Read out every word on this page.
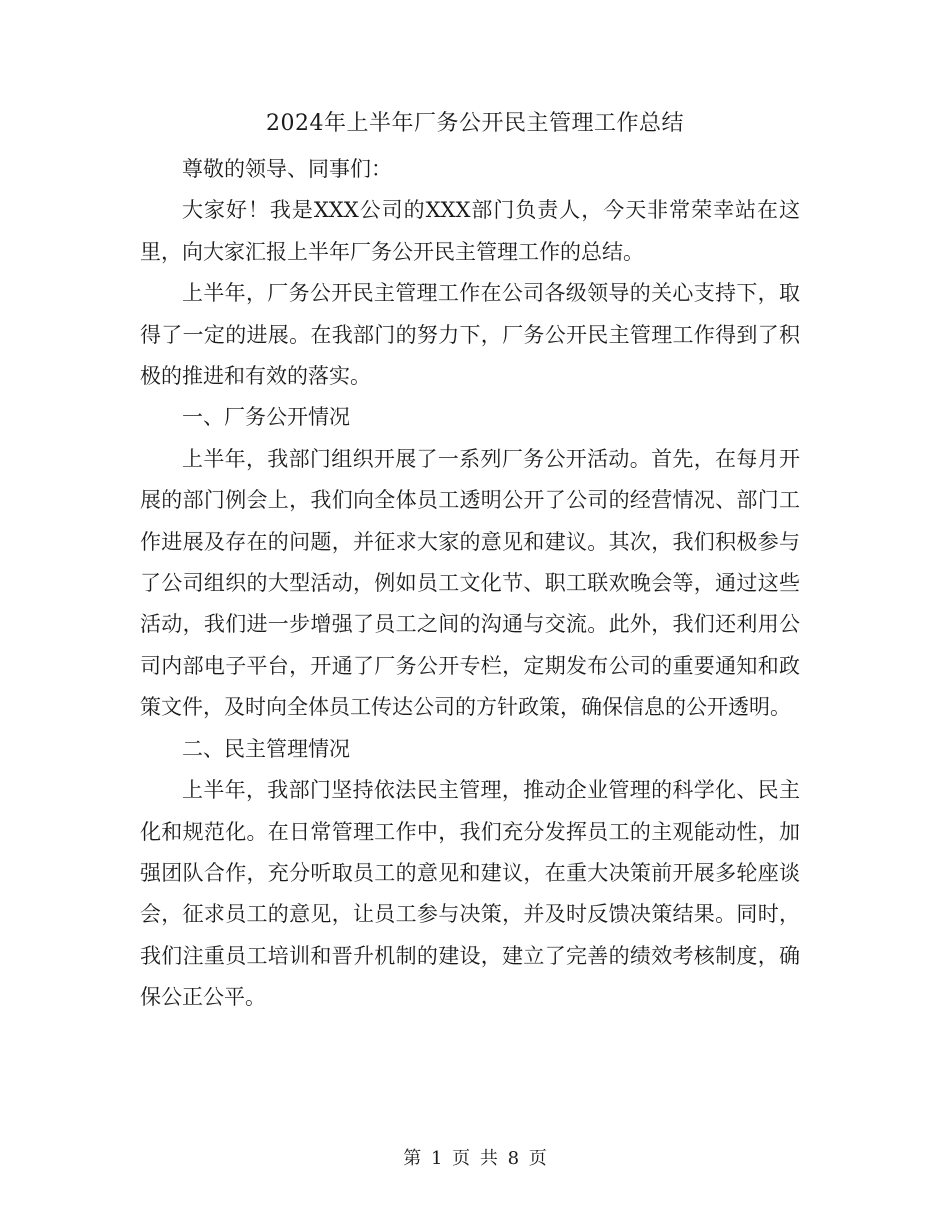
2024年上半年厂务公开民主管理工作总结

尊敬的领导、同事们：

大家好！我是XXX公司的XXX部门负责人，今天非常荣幸站在这里，向大家汇报上半年厂务公开民主管理工作的总结。

上半年，厂务公开民主管理工作在公司各级领导的关心支持下，取得了一定的进展。在我部门的努力下，厂务公开民主管理工作得到了积极的推进和有效的落实。

一、厂务公开情况

上半年，我部门组织开展了一系列厂务公开活动。首先，在每月开展的部门例会上，我们向全体员工透明公开了公司的经营情况、部门工作进展及存在的问题，并征求大家的意见和建议。其次，我们积极参与了公司组织的大型活动，例如员工文化节、职工联欢晚会等，通过这些活动，我们进一步增强了员工之间的沟通与交流。此外，我们还利用公司内部电子平台，开通了厂务公开专栏，定期发布公司的重要通知和政策文件，及时向全体员工传达公司的方针政策，确保信息的公开透明。

二、民主管理情况

上半年，我部门坚持依法民主管理，推动企业管理的科学化、民主化和规范化。在日常管理工作中，我们充分发挥员工的主观能动性，加强团队合作，充分听取员工的意见和建议，在重大决策前开展多轮座谈会，征求员工的意见，让员工参与决策，并及时反馈决策结果。同时，我们注重员工培训和晋升机制的建设，建立了完善的绩效考核制度，确保公正公平。

第 1 页 共 8 页
